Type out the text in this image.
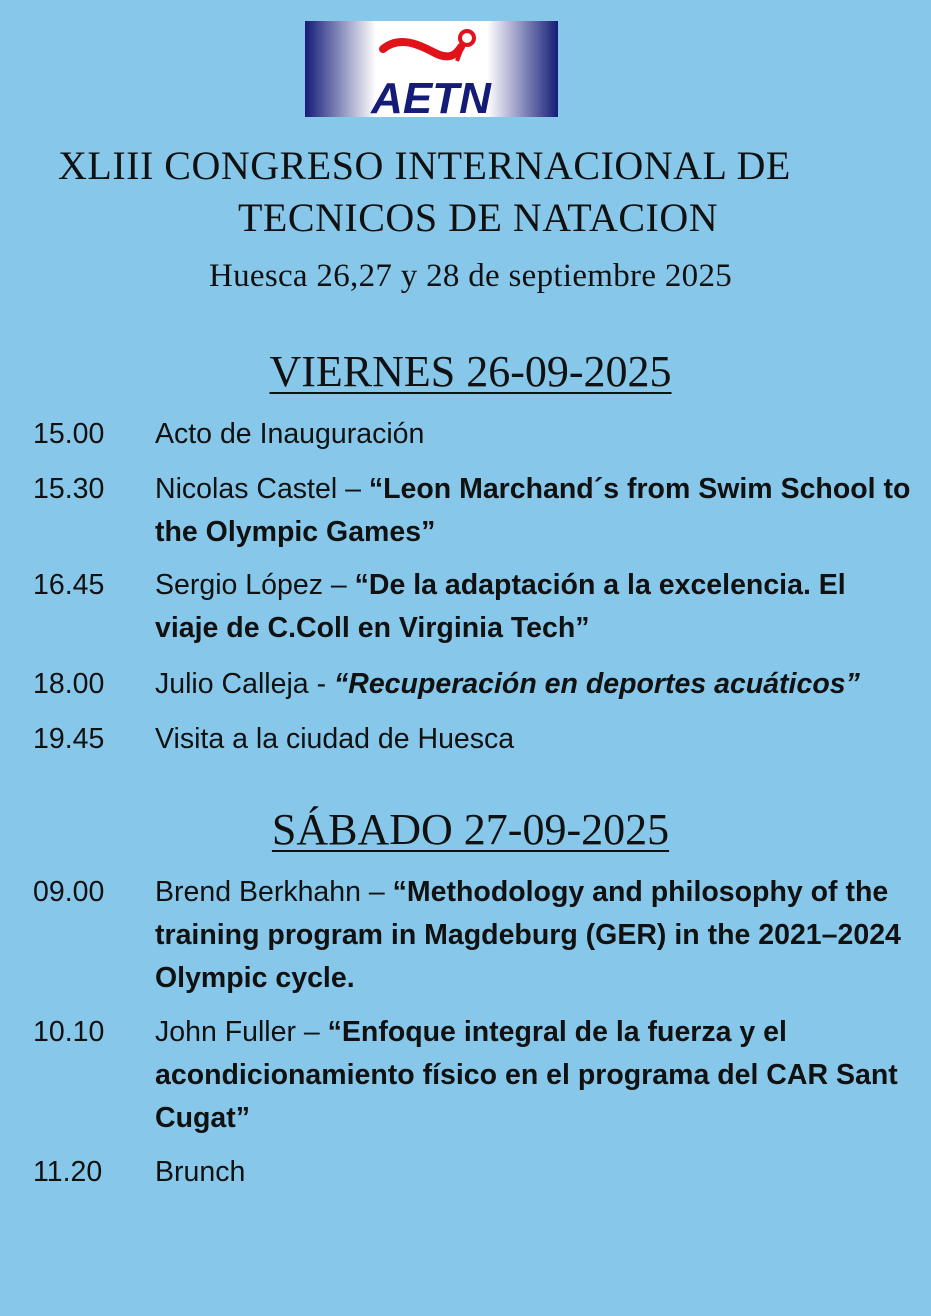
AETN
XLIII CONGRESO INTERNACIONAL DE
TECNICOS DE NATACION
Huesca 26,27 y 28 de septiembre 2025
VIERNES 26-09-2025
15.00 Acto de Inauguración
15.30 Nicolas Castel – “Leon Marchand´s from Swim School to
the Olympic Games”
16.45 Sergio López – “De la adaptación a la excelencia. El
viaje de C.Coll en Virginia Tech”
18.00 Julio Calleja - “Recuperación en deportes acuáticos”
19.45 Visita a la ciudad de Huesca
SÁBADO 27-09-2025
09.00 Brend Berkhahn – “Methodology and philosophy of the
training program in Magdeburg (GER) in the 2021–2024
Olympic cycle.
10.10 John Fuller – “Enfoque integral de la fuerza y el
acondicionamiento físico en el programa del CAR Sant
Cugat”
11.20 Brunch
